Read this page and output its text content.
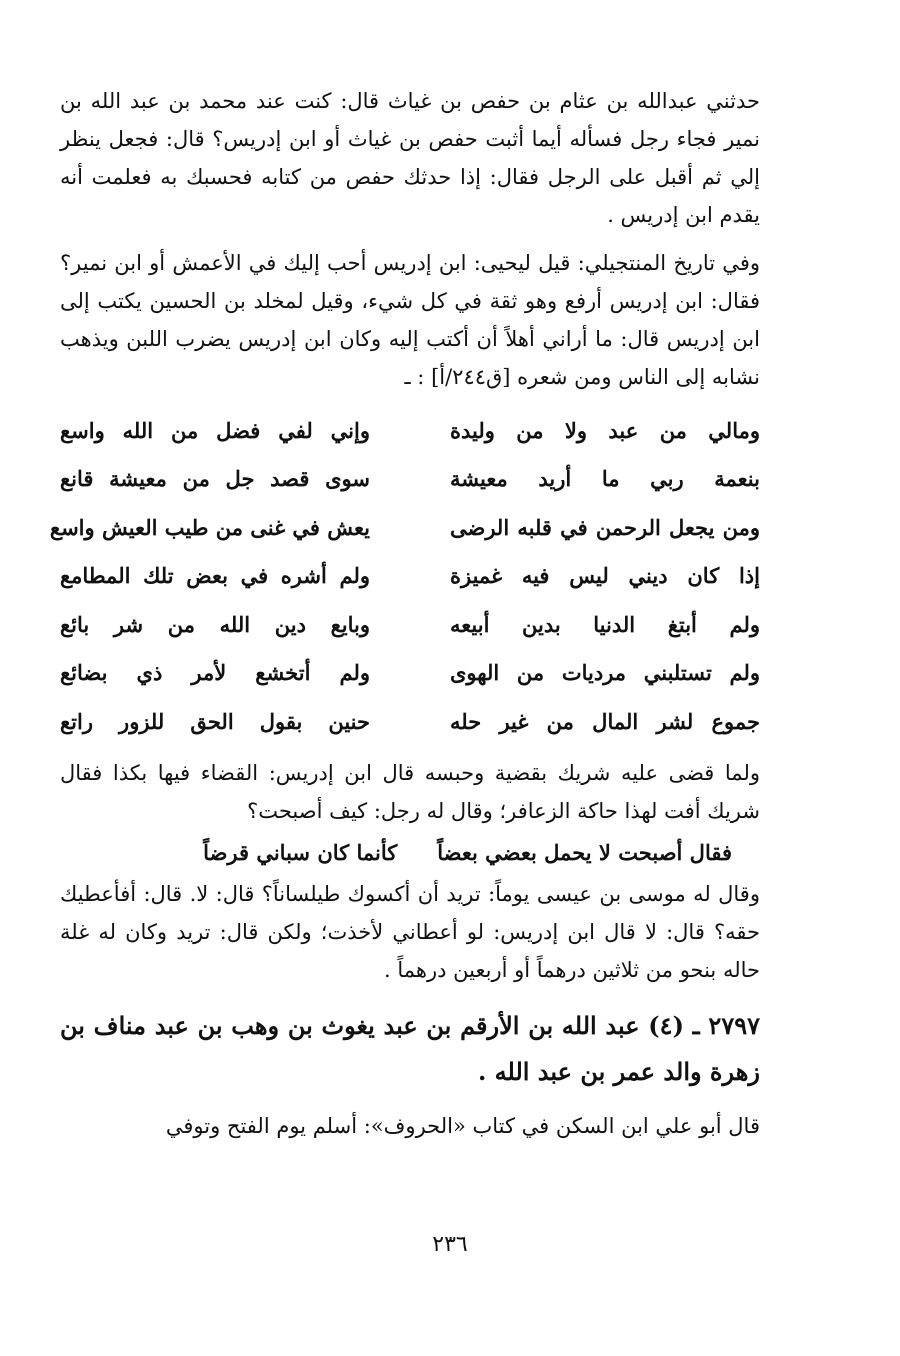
حدثني عبدالله بن عثام بن حفص بن غياث قال: كنت عند محمد بن عبد الله بن نمير فجاء رجل فسأله أيما أثبت حفص بن غياث أو ابن إدريس؟ قال: فجعل ينظر إلي ثم أقبل على الرجل فقال: إذا حدثك حفص من كتابه فحسبك به فعلمت أنه يقدم ابن إدريس .

وفي تاريخ المنتجيلي: قيل ليحيى: ابن إدريس أحب إليك في الأعمش أو ابن نمير؟ فقال: ابن إدريس أرفع وهو ثقة في كل شيء، وقيل لمخلد بن الحسين يكتب إلى ابن إدريس قال: ما أراني أهلاً أن أكتب إليه وكان ابن إدريس يضرب اللبن ويذهب نشابه إلى الناس ومن شعره [ق٢٤٤/أ] : ـ

ومالي من عبد ولا من وليدة
وإني لفي فضل من الله واسع
بنعمة ربي ما أريد معيشة
سوى قصد جل من معيشة قانع
ومن يجعل الرحمن في قلبه الرضى
يعش في غنى من طيب العيش واسع
إذا كان ديني ليس فيه غميزة
ولم أشره في بعض تلك المطامع
ولم أبتغ الدنيا بدين أبيعه
وبايع دين الله من شر بائع
ولم تستلبني مرديات من الهوى
ولم أتخشع لأمر ذي بضائع
جموع لشر المال من غير حله
حنين بقول الحق للزور راتع

ولما قضى عليه شريك بقضية وحبسه قال ابن إدريس: القضاء فيها بكذا فقال شريك أفت لهذا حاكة الزعافر؛ وقال له رجل: كيف أصبحت؟

فقال أصبحت لا يحمل بعضي بعضاً
كأنما كان سباني قرضاً

وقال له موسى بن عيسى يوماً: تريد أن أكسوك طيلساناً؟ قال: لا. قال: أفأعطيك حقه؟ قال: لا قال ابن إدريس: لو أعطاني لأخذت؛ ولكن قال: تريد وكان له غلة حاله بنحو من ثلاثين درهماً أو أربعين درهماً .

٢٧٩٧ ـ (٤) عبد الله بن الأرقم بن عبد يغوث بن وهب بن عبد مناف بن زهرة والد عمر بن عبد الله .

قال أبو علي ابن السكن في كتاب «الحروف»: أسلم يوم الفتح وتوفي

٢٣٦
